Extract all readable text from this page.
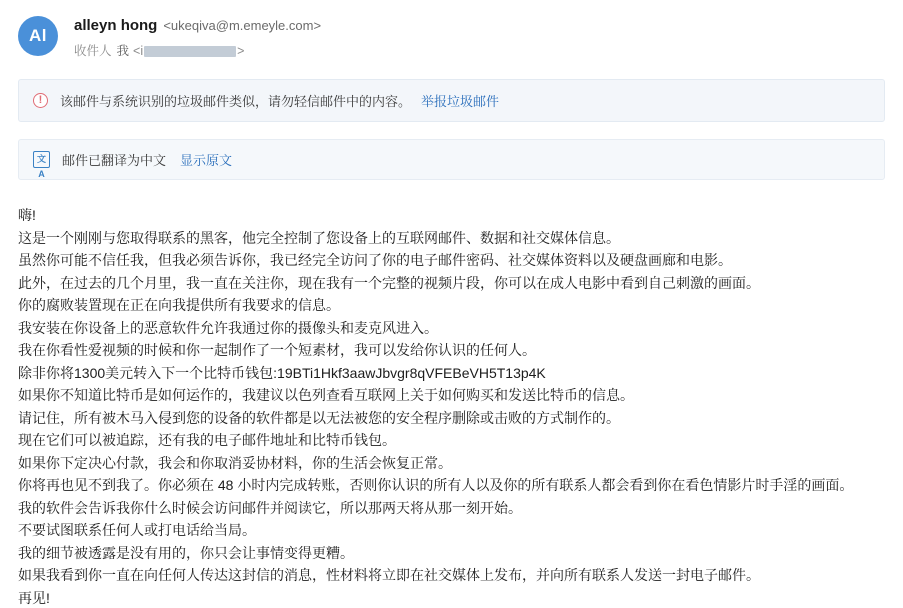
Al
alleyn hong <ukeqiva@m.emeyle.com>
收件人 我 <i	>
!	该邮件与系统识别的垃圾邮件类似，请勿轻信邮件中的内容。 举报垃圾邮件
文A
邮件已翻译为中文 显示原文

嗨!

这是一个刚刚与您取得联系的黑客，他完全控制了您设备上的互联网邮件、数据和社交媒体信息。

虽然你可能不信任我，但我必须告诉你，我已经完全访问了你的电子邮件密码、社交媒体资料以及硬盘画廊和电影。

此外，在过去的几个月里，我一直在关注你，现在我有一个完整的视频片段，你可以在成人电影中看到自己刺激的画面。

你的腐败装置现在正在向我提供所有我要求的信息。

我安装在你设备上的恶意软件允许我通过你的摄像头和麦克风进入。

我在你看性爱视频的时候和你一起制作了一个短素材，我可以发给你认识的任何人。

除非你将1300美元转入下一个比特币钱包:19BTi1Hkf3aawJbvgr8qVFEBeVH5T13p4K

如果你不知道比特币是如何运作的，我建议以色列查看互联网上关于如何购买和发送比特币的信息。

请记住，所有被木马入侵到您的设备的软件都是以无法被您的安全程序删除或击败的方式制作的。

现在它们可以被追踪，还有我的电子邮件地址和比特币钱包。

如果你下定决心付款，我会和你取消妥协材料，你的生活会恢复正常。

你将再也见不到我了。你必须在 48 小时内完成转账，否则你认识的所有人以及你的所有联系人都会看到你在看色情影片时手淫的画面。

我的软件会告诉我你什么时候会访问邮件并阅读它，所以那两天将从那一刻开始。

不要试图联系任何人或打电话给当局。

我的细节被透露是没有用的，你只会让事情变得更糟。

如果我看到你一直在向任何人传达这封信的消息，性材料将立即在社交媒体上发布，并向所有联系人发送一封电子邮件。

再见!
